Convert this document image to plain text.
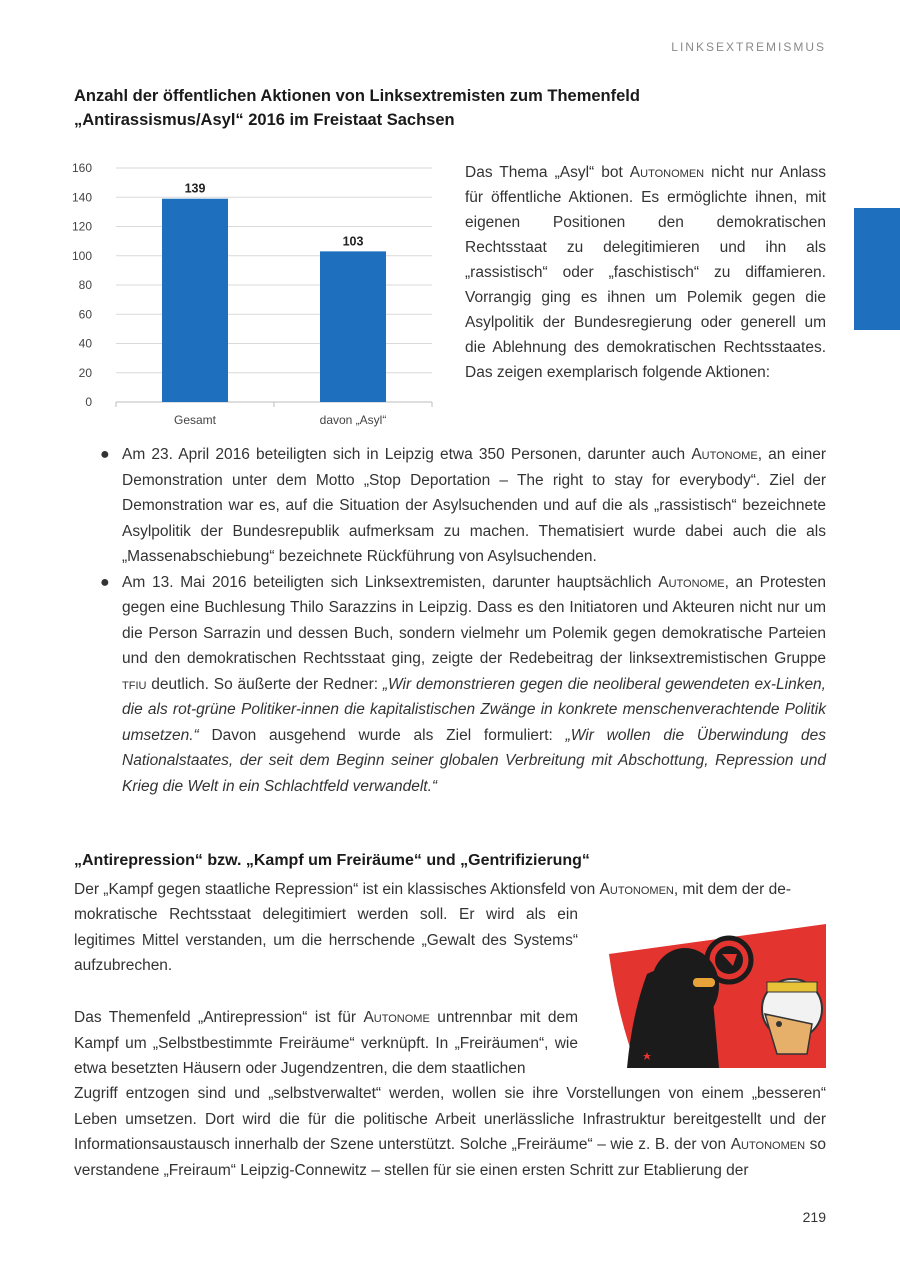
LINKSEXTREMISMUS
Anzahl der öffentlichen Aktionen von Linksextremisten zum Themenfeld
„Antirassismus/Asyl“ 2016 im Freistaat Sachsen
0
20
40
60
80
100
120
140
160
139
Gesamt
103
davon „Asyl“
Das Thema „Asyl“ bot Autonomen nicht nur Anlass für öffentliche Aktionen. Es ermöglichte ihnen, mit eigenen Positionen den demokratischen Rechtsstaat zu delegitimieren und ihn als „rassistisch“ oder „faschistisch“ zu diffamieren. Vorrangig ging es ihnen um Polemik gegen die Asylpolitik der Bundesregierung oder generell um die Ablehnung des demokratischen Rechtsstaates. Das zeigen exemplarisch folgende Aktionen:
● Am 23. April 2016 beteiligten sich in Leipzig etwa 350 Personen, darunter auch Autonome, an einer Demonstration unter dem Motto „Stop Deportation – The right to stay for everybody“. Ziel der Demonstration war es, auf die Situation der Asylsuchenden und auf die als „rassistisch“ bezeichnete Asylpolitik der Bundesrepublik aufmerksam zu machen. Thematisiert wurde dabei auch die als „Massenabschiebung“ bezeichnete Rückführung von Asylsuchenden.
● Am 13. Mai 2016 beteiligten sich Linksextremisten, darunter hauptsächlich Autonome, an Protesten gegen eine Buchlesung Thilo Sarazzins in Leipzig. Dass es den Initiatoren und Akteuren nicht nur um die Person Sarrazin und dessen Buch, sondern vielmehr um Polemik gegen demokratische Parteien und den demokratischen Rechtsstaat ging, zeigte der Redebeitrag der linksextremistischen Gruppe tfiu deutlich. So äußerte der Redner: „Wir demonstrieren gegen die neoliberal gewendeten ex-Linken, die als rot-grüne Politiker-innen die kapitalistischen Zwänge in konkrete menschenverachtende Politik umsetzen.“ Davon ausgehend wurde als Ziel formuliert: „Wir wollen die Überwindung des Nationalstaates, der seit dem Beginn seiner globalen Verbreitung mit Abschottung, Repression und Krieg die Welt in ein Schlachtfeld verwandelt.“
„Antirepression“ bzw. „Kampf um Freiräume“ und „Gentrifizierung“
Der „Kampf gegen staatliche Repression“ ist ein klassisches Aktionsfeld von Autonomen, mit dem der de-
mokratische Rechtsstaat delegitimiert werden soll. Er wird als ein legitimes Mittel verstanden, um die herrschende „Gewalt des Systems“ aufzubrechen.
Das Themenfeld „Antirepression“ ist für Autonome untrennbar mit dem Kampf um „Selbstbestimmte Freiräume“ verknüpft. In „Freiräumen“, wie etwa besetzten Häusern oder Jugendzentren, die dem staatlichen
Zugriff entzogen sind und „selbstverwaltet“ werden, wollen sie ihre Vorstellungen von einem „besseren“ Leben umsetzen. Dort wird die für die politische Arbeit unerlässliche Infrastruktur bereitgestellt und der Informationsaustausch innerhalb der Szene unterstützt. Solche „Freiräume“ – wie z. B. der von Autonomen so verstandene „Freiraum“ Leipzig-Connewitz – stellen für sie einen ersten Schritt zur Etablierung der
219
